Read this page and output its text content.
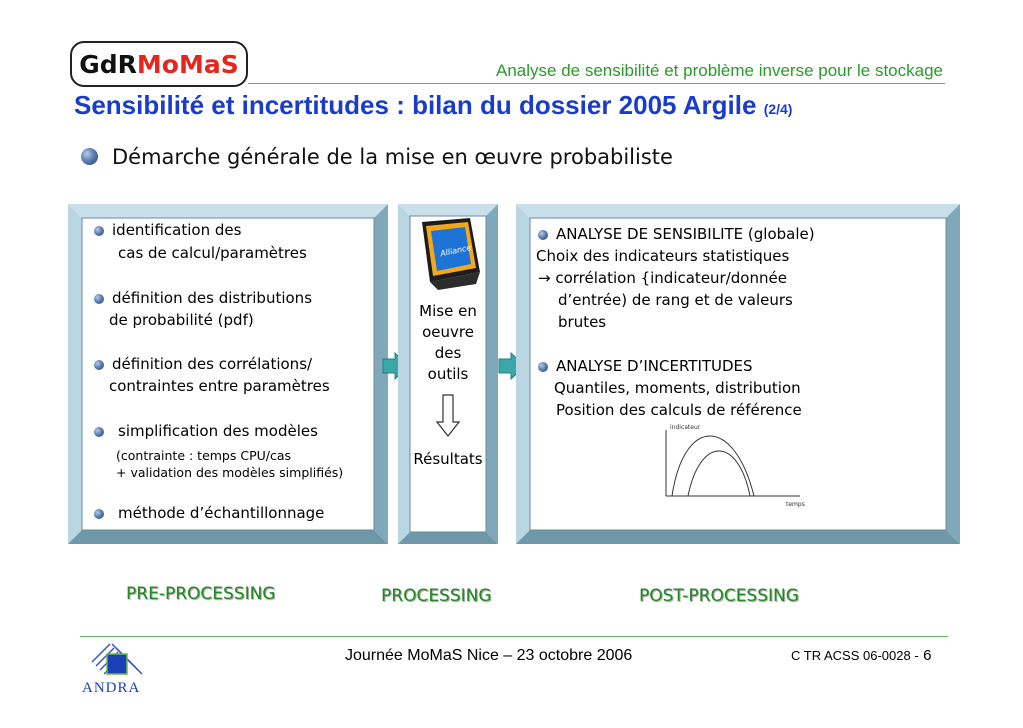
GdR MoMaS	Analyse de sensibilité et problème inverse pour le stockage
Sensibilité et incertitudes : bilan du dossier 2005 Argile (2/4)
Démarche générale de la mise en œuvre probabiliste
identification des
cas de calcul/paramètres
définition des distributions
de probabilité (pdf)
définition des corrélations/
contraintes entre paramètres
simplification des modèles
(contrainte : temps CPU/cas
+ validation des modèles simplifiés)
méthode d’échantillonnage
Alliance
Mise en
oeuvre
des
outils
Résultats
ANALYSE DE SENSIBILITE (globale)
Choix des indicateurs statistiques
→ corrélation {indicateur/donnée
d’entrée) de rang et de valeurs
brutes
ANALYSE D’INCERTITUDES
Quantiles, moments, distribution
Position des calculs de référence
indicateur
temps
PRE-PROCESSING	PROCESSING	POST-PROCESSING
ANDRA
Journée MoMaS Nice – 23 octobre 2006	C TR ACSS 06-0028 - 6
